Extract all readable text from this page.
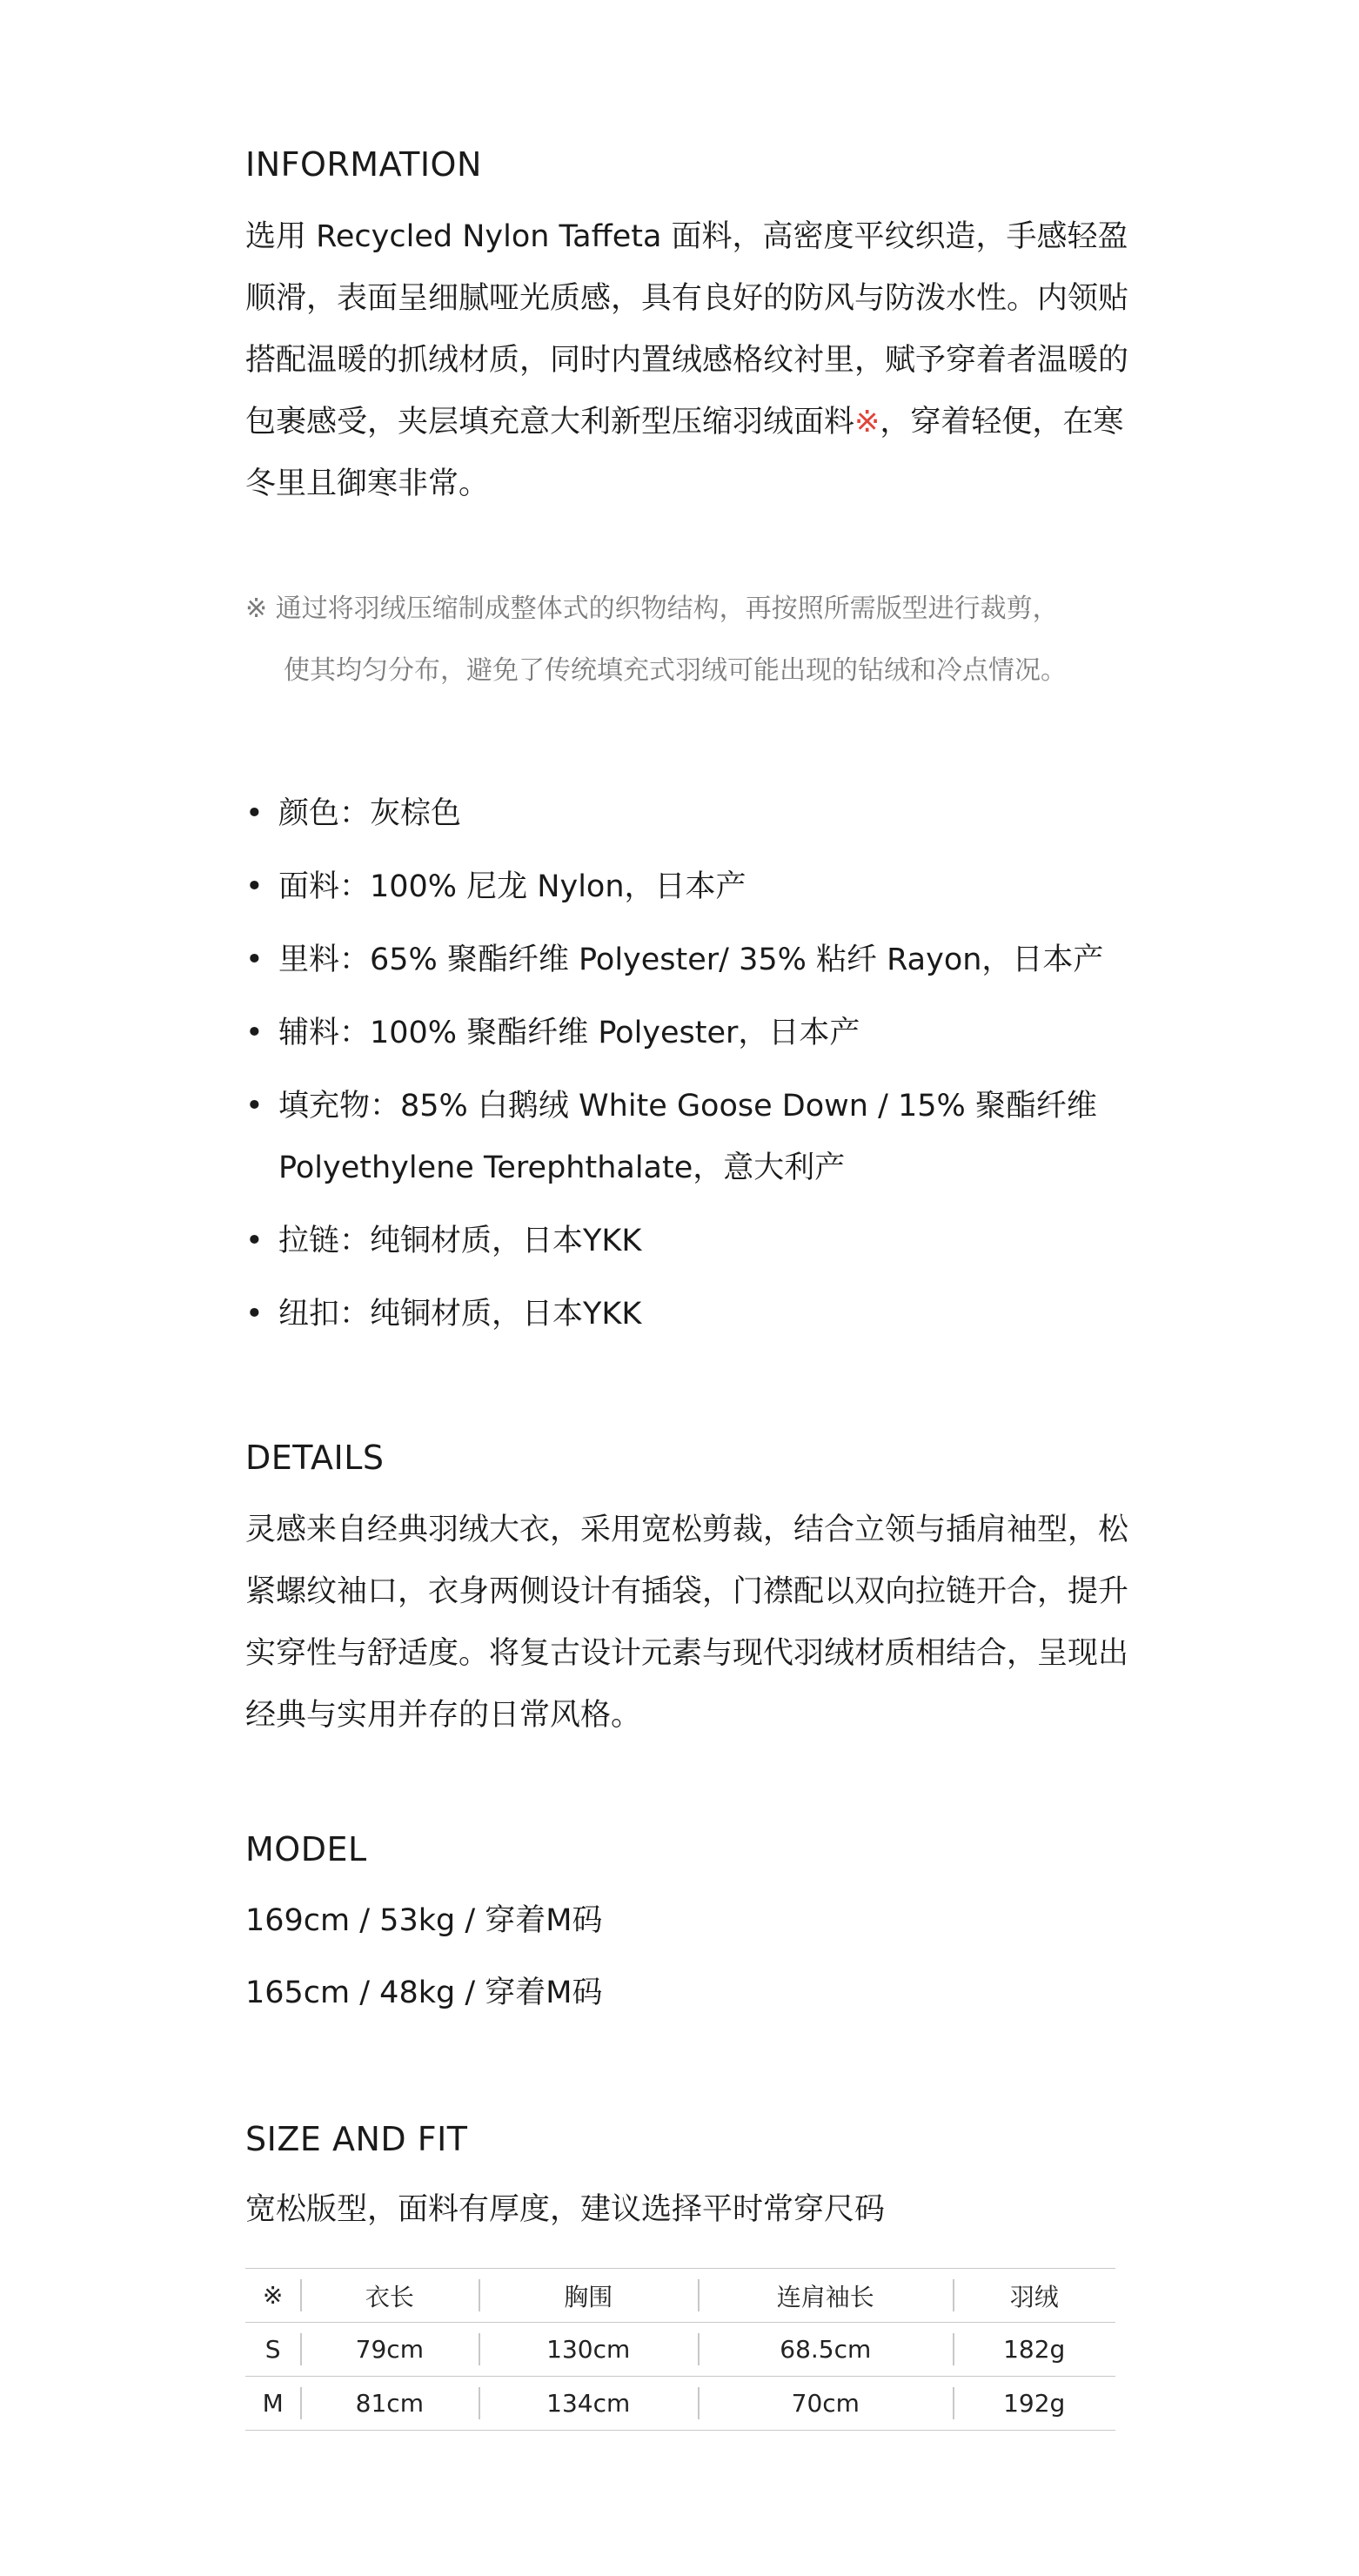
INFORMATION

选用 Recycled Nylon Taffeta 面料，高密度平纹织造，手感轻盈顺滑，表面呈细腻哑光质感，具有良好的防风与防泼水性。内领贴搭配温暖的抓绒材质，同时内置绒感格纹衬里，赋予穿着者温暖的包裹感受，夹层填充意大利新型压缩羽绒面料※，穿着轻便，在寒冬里且御寒非常。

※ 通过将羽绒压缩制成整体式的织物结构，再按照所需版型进行裁剪，
使其均匀分布，避免了传统填充式羽绒可能出现的钻绒和冷点情况。

• 颜色：灰棕色
• 面料：100% 尼龙 Nylon，日本产
• 里料：65% 聚酯纤维 Polyester/ 35% 粘纤 Rayon，日本产
• 辅料：100% 聚酯纤维 Polyester，日本产
• 填充物：85% 白鹅绒 White Goose Down / 15% 聚酯纤维 Polyethylene Terephthalate，意大利产
• 拉链：纯铜材质，日本YKK
• 纽扣：纯铜材质，日本YKK
DETAILS

灵感来自经典羽绒大衣，采用宽松剪裁，结合立领与插肩袖型，松紧螺纹袖口，衣身两侧设计有插袋，门襟配以双向拉链开合，提升实穿性与舒适度。将复古设计元素与现代羽绒材质相结合，呈现出经典与实用并存的日常风格。

MODEL

169cm / 53kg / 穿着M码

165cm / 48kg / 穿着M码

SIZE AND FIT

宽松版型，面料有厚度，建议选择平时常穿尺码

※	衣长	胸围	连肩袖长	羽绒
S	79cm	130cm	68.5cm	182g
M	81cm	134cm	70cm	192g
